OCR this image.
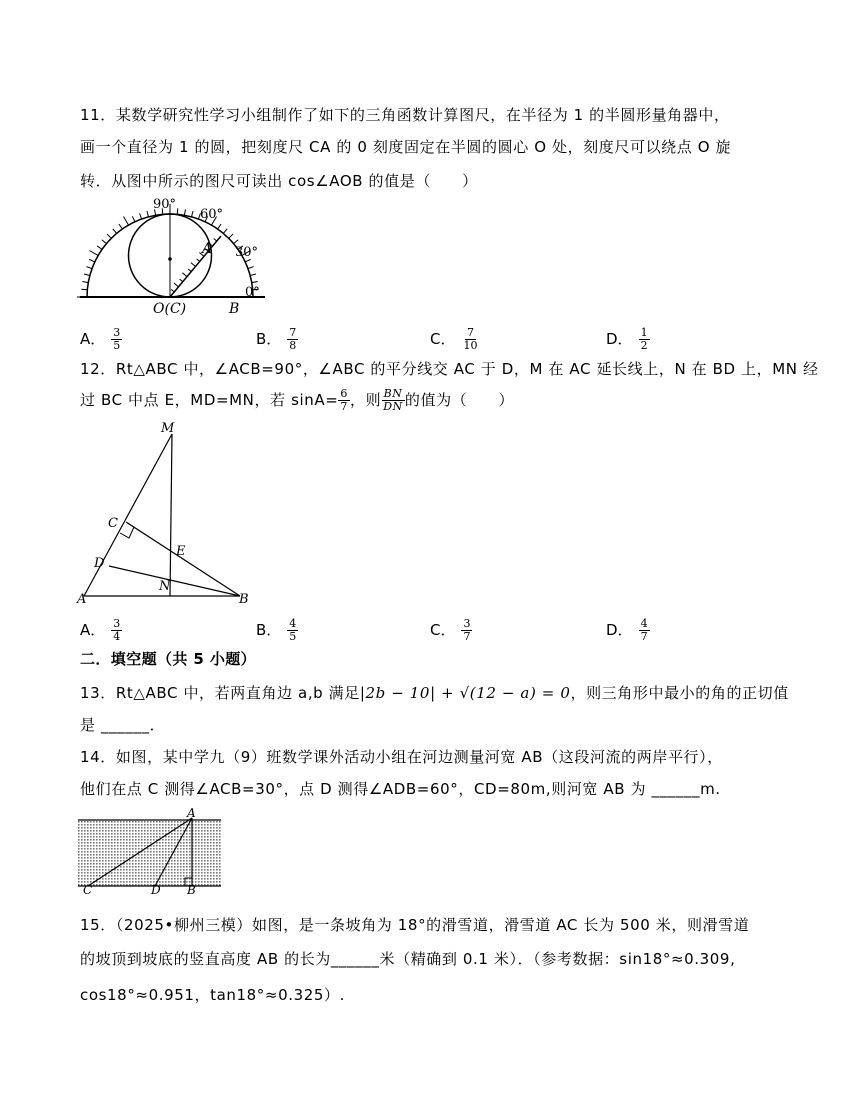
11．某数学研究性学习小组制作了如下的三角函数计算图尺，在半径为 1 的半圆形量角器中，
画一个直径为 1 的圆，把刻度尺 CA 的 0 刻度固定在半圆的圆心 O 处，刻度尺可以绕点 O 旋
转．从图中所示的图尺可读出 cos∠AOB 的值是（　　）
90°
60°
30°
0°
A
O(C)	B
A． $\frac{3}{5}$	B． $\frac{7}{8}$	C． $\frac{7}{10}$	D． $\frac{1}{2}$
12．Rt△ABC 中，∠ACB=90°，∠ABC 的平分线交 AC 于 D，M 在 AC 延长线上，N 在 BD 上，MN 经
过 BC 中点 E，MD=MN，若 $\sin A= \frac{6}{7}$ ，则 $\frac{BN}{DN}$ 的值为（　　）
M
C
D
E
N
A	B
A． $\frac{3}{4}$	B． $\frac{4}{5}$	C． $\frac{3}{7}$	D． $\frac{4}{7}$
二．填空题（共 5 小题）
13．Rt△ABC 中，若两直角边 a,b 满足|2b − 10| + √(12 − a) = 0，则三角形中最小的角的正切值
是 ______．
14．如图，某中学九（9）班数学课外活动小组在河边测量河宽 AB（这段河流的两岸平行），
他们在点 C 测得∠ACB=30°，点 D 测得∠ADB=60°，CD=80m,则河宽 AB 为 ______m.
A
C	D B
15．（2025•柳州三模）如图，是一条坡角为 18°的滑雪道，滑雪道 AC 长为 500 米，则滑雪道
的坡顶到坡底的竖直高度 AB 的长为______米（精确到 0.1 米）．（参考数据：sin18°≈0.309,
cos18°≈0.951，tan18°≈0.325）.
